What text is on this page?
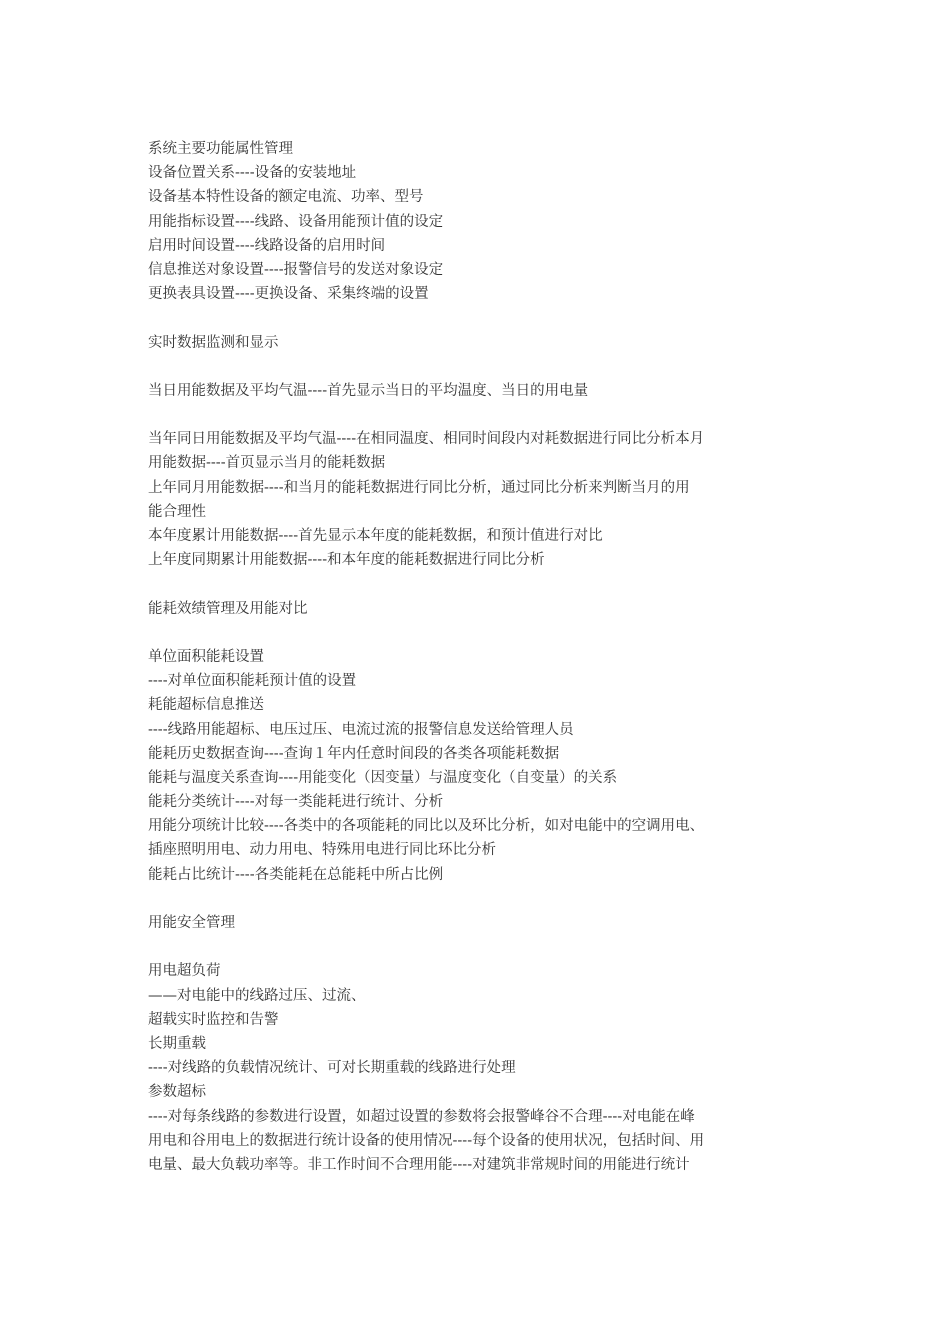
系统主要功能属性管理
设备位置关系----设备的安装地址
设备基本特性设备的额定电流、功率、型号
用能指标设置----线路、设备用能预计值的设定
启用时间设置----线路设备的启用时间
信息推送对象设置----报警信号的发送对象设定
更换表具设置----更换设备、采集终端的设置
实时数据监测和显示
当日用能数据及平均气温----首先显示当日的平均温度、当日的用电量
当年同日用能数据及平均气温----在相同温度、相同时间段内对耗数据进行同比分析本月
用能数据----首页显示当月的能耗数据
上年同月用能数据----和当月的能耗数据进行同比分析，通过同比分析来判断当月的用
能合理性
本年度累计用能数据----首先显示本年度的能耗数据，和预计值进行对比
上年度同期累计用能数据----和本年度的能耗数据进行同比分析
能耗效绩管理及用能对比
单位面积能耗设置
----对单位面积能耗预计值的设置
耗能超标信息推送
----线路用能超标、电压过压、电流过流的报警信息发送给管理人员
能耗历史数据查询----查询１年内任意时间段的各类各项能耗数据
能耗与温度关系查询----用能变化（因变量）与温度变化（自变量）的关系
能耗分类统计----对每一类能耗进行统计、分析
用能分项统计比较----各类中的各项能耗的同比以及环比分析，如对电能中的空调用电、
插座照明用电、动力用电、特殊用电进行同比环比分析
能耗占比统计----各类能耗在总能耗中所占比例
用能安全管理
用电超负荷
——对电能中的线路过压、过流、
超载实时监控和告警
长期重载
----对线路的负载情况统计、可对长期重载的线路进行处理
参数超标
----对每条线路的参数进行设置，如超过设置的参数将会报警峰谷不合理----对电能在峰
用电和谷用电上的数据进行统计设备的使用情况----每个设备的使用状况，包括时间、用
电量、最大负载功率等。非工作时间不合理用能----对建筑非常规时间的用能进行统计
